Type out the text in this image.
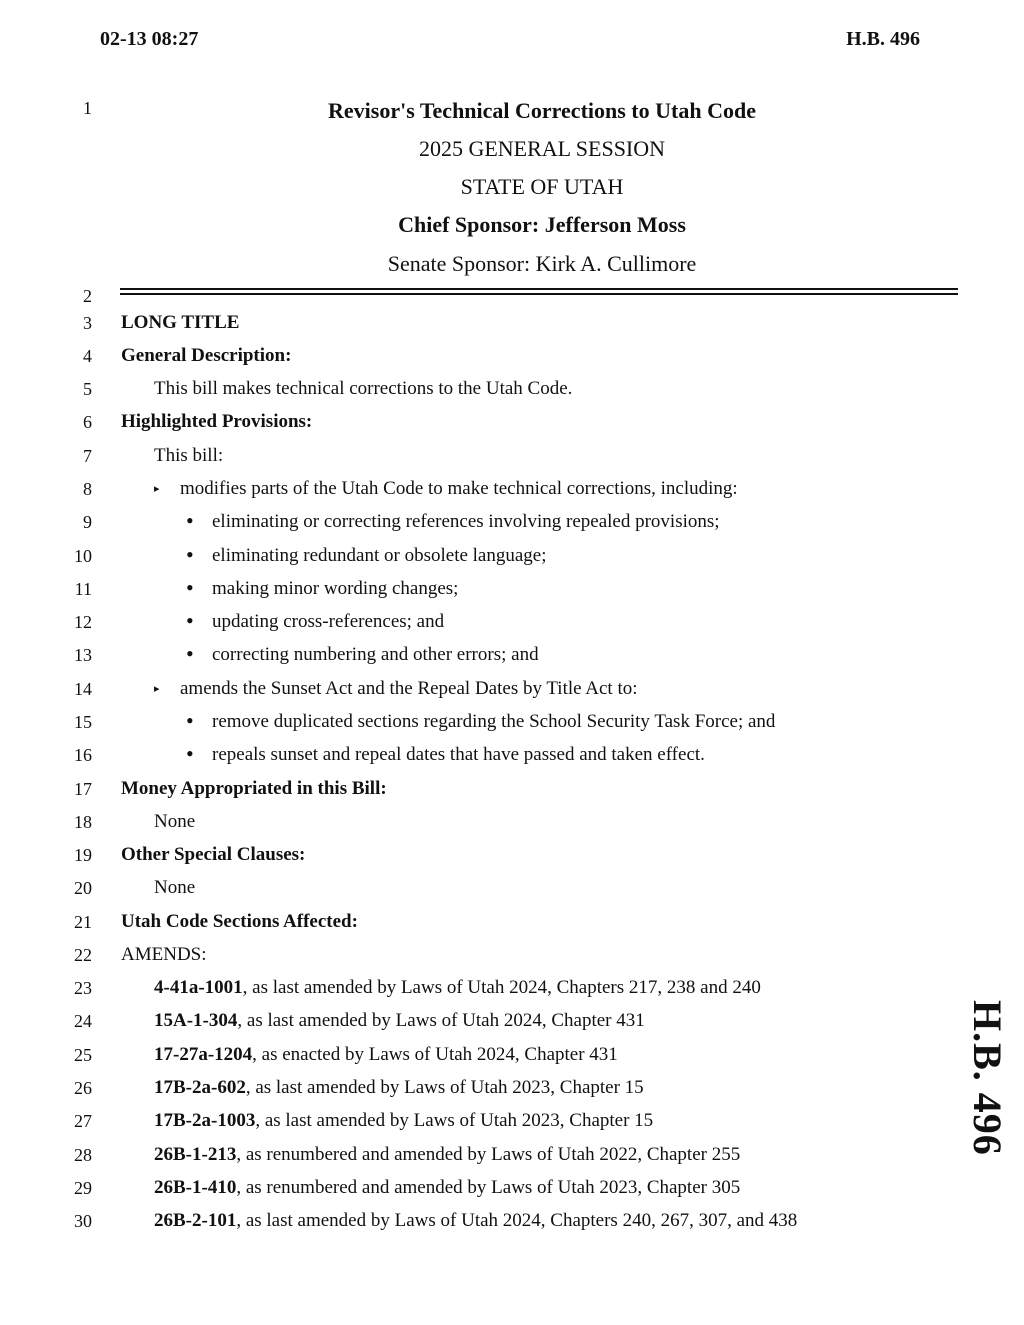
02-13 08:27	H.B. 496
1
2
3
4
5
6
7
8
9
10
11
12
13
14
15
16
17
18
19
20
21
22
23
24
25
26
27
28
29
30
Revisor's Technical Corrections to Utah Code
2025 GENERAL SESSION
STATE OF UTAH
Chief Sponsor: Jefferson Moss
Senate Sponsor: Kirk A. Cullimore
LONG TITLE
General Description:
This bill makes technical corrections to the Utah Code.
Highlighted Provisions:
This bill:
▸ modifies parts of the Utah Code to make technical corrections, including:
• eliminating or correcting references involving repealed provisions;
• eliminating redundant or obsolete language;
• making minor wording changes;
• updating cross-references; and
• correcting numbering and other errors; and
▸ amends the Sunset Act and the Repeal Dates by Title Act to:
• remove duplicated sections regarding the School Security Task Force; and
• repeals sunset and repeal dates that have passed and taken effect.
Money Appropriated in this Bill:
None
Other Special Clauses:
None
Utah Code Sections Affected:
AMENDS:
4-41a-1001, as last amended by Laws of Utah 2024, Chapters 217, 238 and 240
15A-1-304, as last amended by Laws of Utah 2024, Chapter 431
17-27a-1204, as enacted by Laws of Utah 2024, Chapter 431
17B-2a-602, as last amended by Laws of Utah 2023, Chapter 15
17B-2a-1003, as last amended by Laws of Utah 2023, Chapter 15
26B-1-213, as renumbered and amended by Laws of Utah 2022, Chapter 255
26B-1-410, as renumbered and amended by Laws of Utah 2023, Chapter 305
26B-2-101, as last amended by Laws of Utah 2024, Chapters 240, 267, 307, and 438
H.B. 496
